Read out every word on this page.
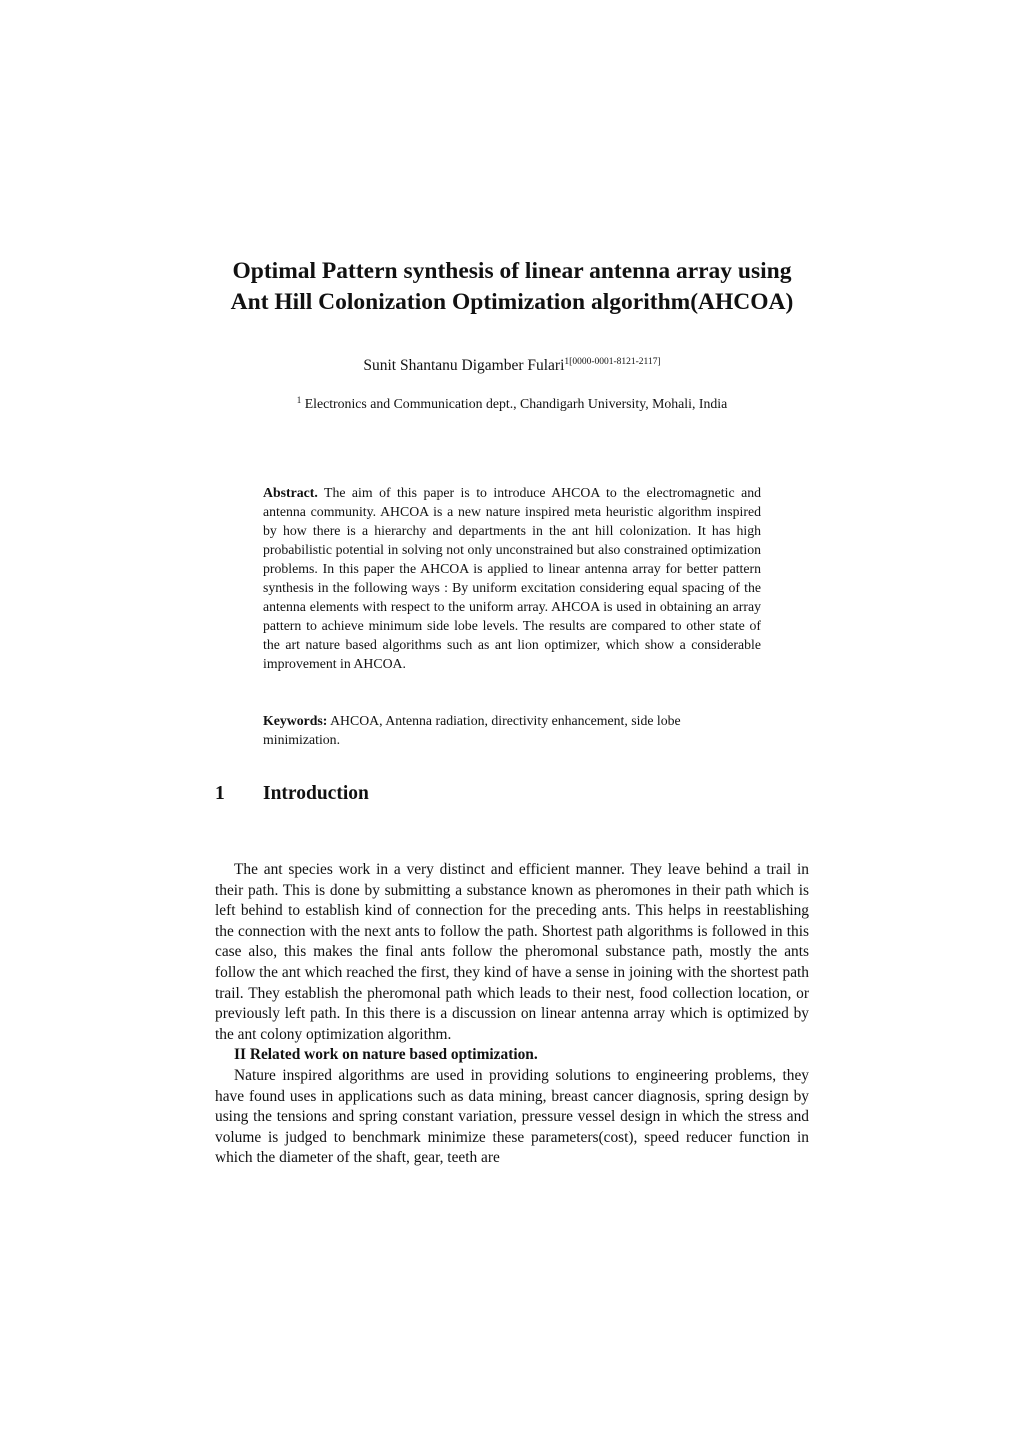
Optimal Pattern synthesis of linear antenna array using
Ant Hill Colonization Optimization algorithm(AHCOA)
Sunit Shantanu Digamber Fulari$^{1[0000-0001-8121-2117]}$
$^1$ Electronics and Communication dept., Chandigarh University, Mohali, India

Abstract. The aim of this paper is to introduce AHCOA to the electromagnetic and antenna community. AHCOA is a new nature inspired meta heuristic algorithm inspired by how there is a hierarchy and departments in the ant hill colonization. It has high probabilistic potential in solving not only unconstrained but also constrained optimization problems. In this paper the AHCOA is applied to linear antenna array for better pattern synthesis in the following ways : By uniform excitation considering equal spacing of the antenna elements with respect to the uniform array. AHCOA is used in obtaining an array pattern to achieve minimum side lobe levels. The results are compared to other state of the art nature based algorithms such as ant lion optimizer, which show a considerable improvement in AHCOA.

Keywords: AHCOA, Antenna radiation, directivity enhancement, side lobe minimization.

1 Introduction

The ant species work in a very distinct and efficient manner. They leave behind a trail in their path. This is done by submitting a substance known as pheromones in their path which is left behind to establish kind of connection for the preceding ants. This helps in reestablishing the connection with the next ants to follow the path. Shortest path algorithms is followed in this case also, this makes the final ants follow the pheromonal substance path, mostly the ants follow the ant which reached the first, they kind of have a sense in joining with the shortest path trail. They establish the pheromonal path which leads to their nest, food collection location, or previously left path. In this there is a discussion on linear antenna array which is optimized by the ant colony optimization algorithm.

II Related work on nature based optimization.

Nature inspired algorithms are used in providing solutions to engineering problems, they have found uses in applications such as data mining, breast cancer diagnosis, spring design by using the tensions and spring constant variation, pressure vessel design in which the stress and volume is judged to benchmark minimize these parameters(cost), speed reducer function in which the diameter of the shaft, gear, teeth are
